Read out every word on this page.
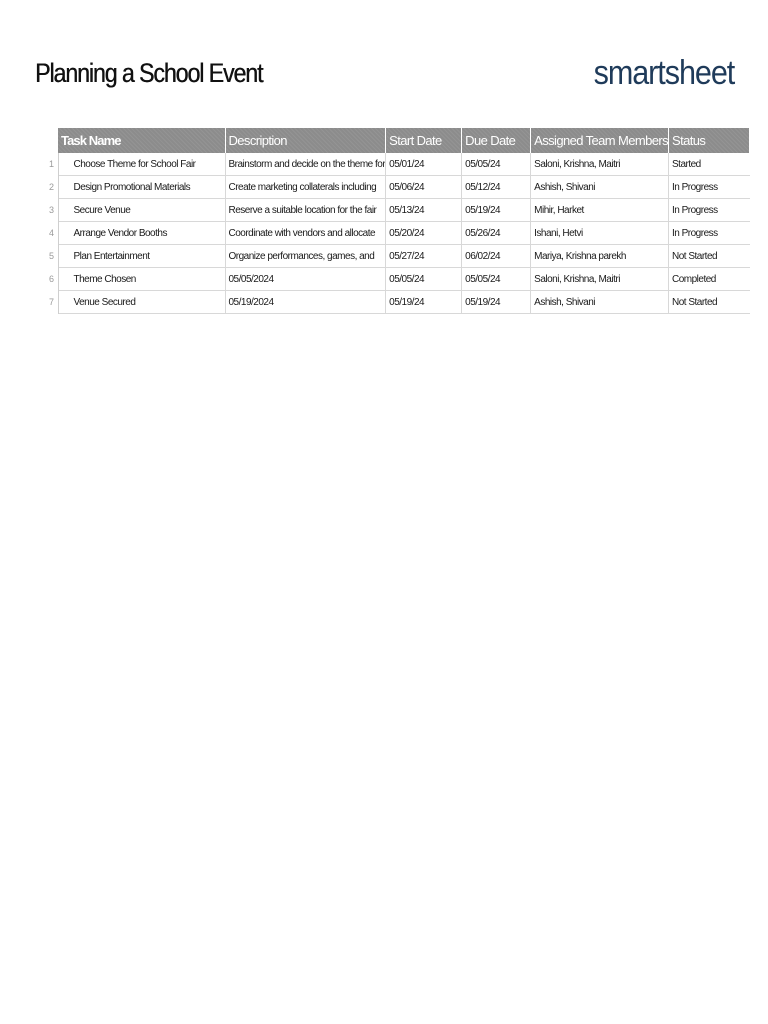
Planning a School Event	smartsheet
	Task Name	Description	Start Date	Due Date	Assigned Team Members	Status
1	Choose Theme for School Fair	Brainstorm and decide on the theme for	05/01/24	05/05/24	Saloni, Krishna, Maitri	Started
2	Design Promotional Materials	Create marketing collaterals including	05/06/24	05/12/24	Ashish, Shivani	In Progress
3	Secure Venue	Reserve a suitable location for the fair	05/13/24	05/19/24	Mihir, Harket	In Progress
4	Arrange Vendor Booths	Coordinate with vendors and allocate	05/20/24	05/26/24	Ishani, Hetvi	In Progress
5	Plan Entertainment	Organize performances, games, and	05/27/24	06/02/24	Mariya, Krishna parekh	Not Started
6	Theme Chosen	05/05/2024	05/05/24	05/05/24	Saloni, Krishna, Maitri	Completed
7	Venue Secured	05/19/2024	05/19/24	05/19/24	Ashish, Shivani	Not Started
